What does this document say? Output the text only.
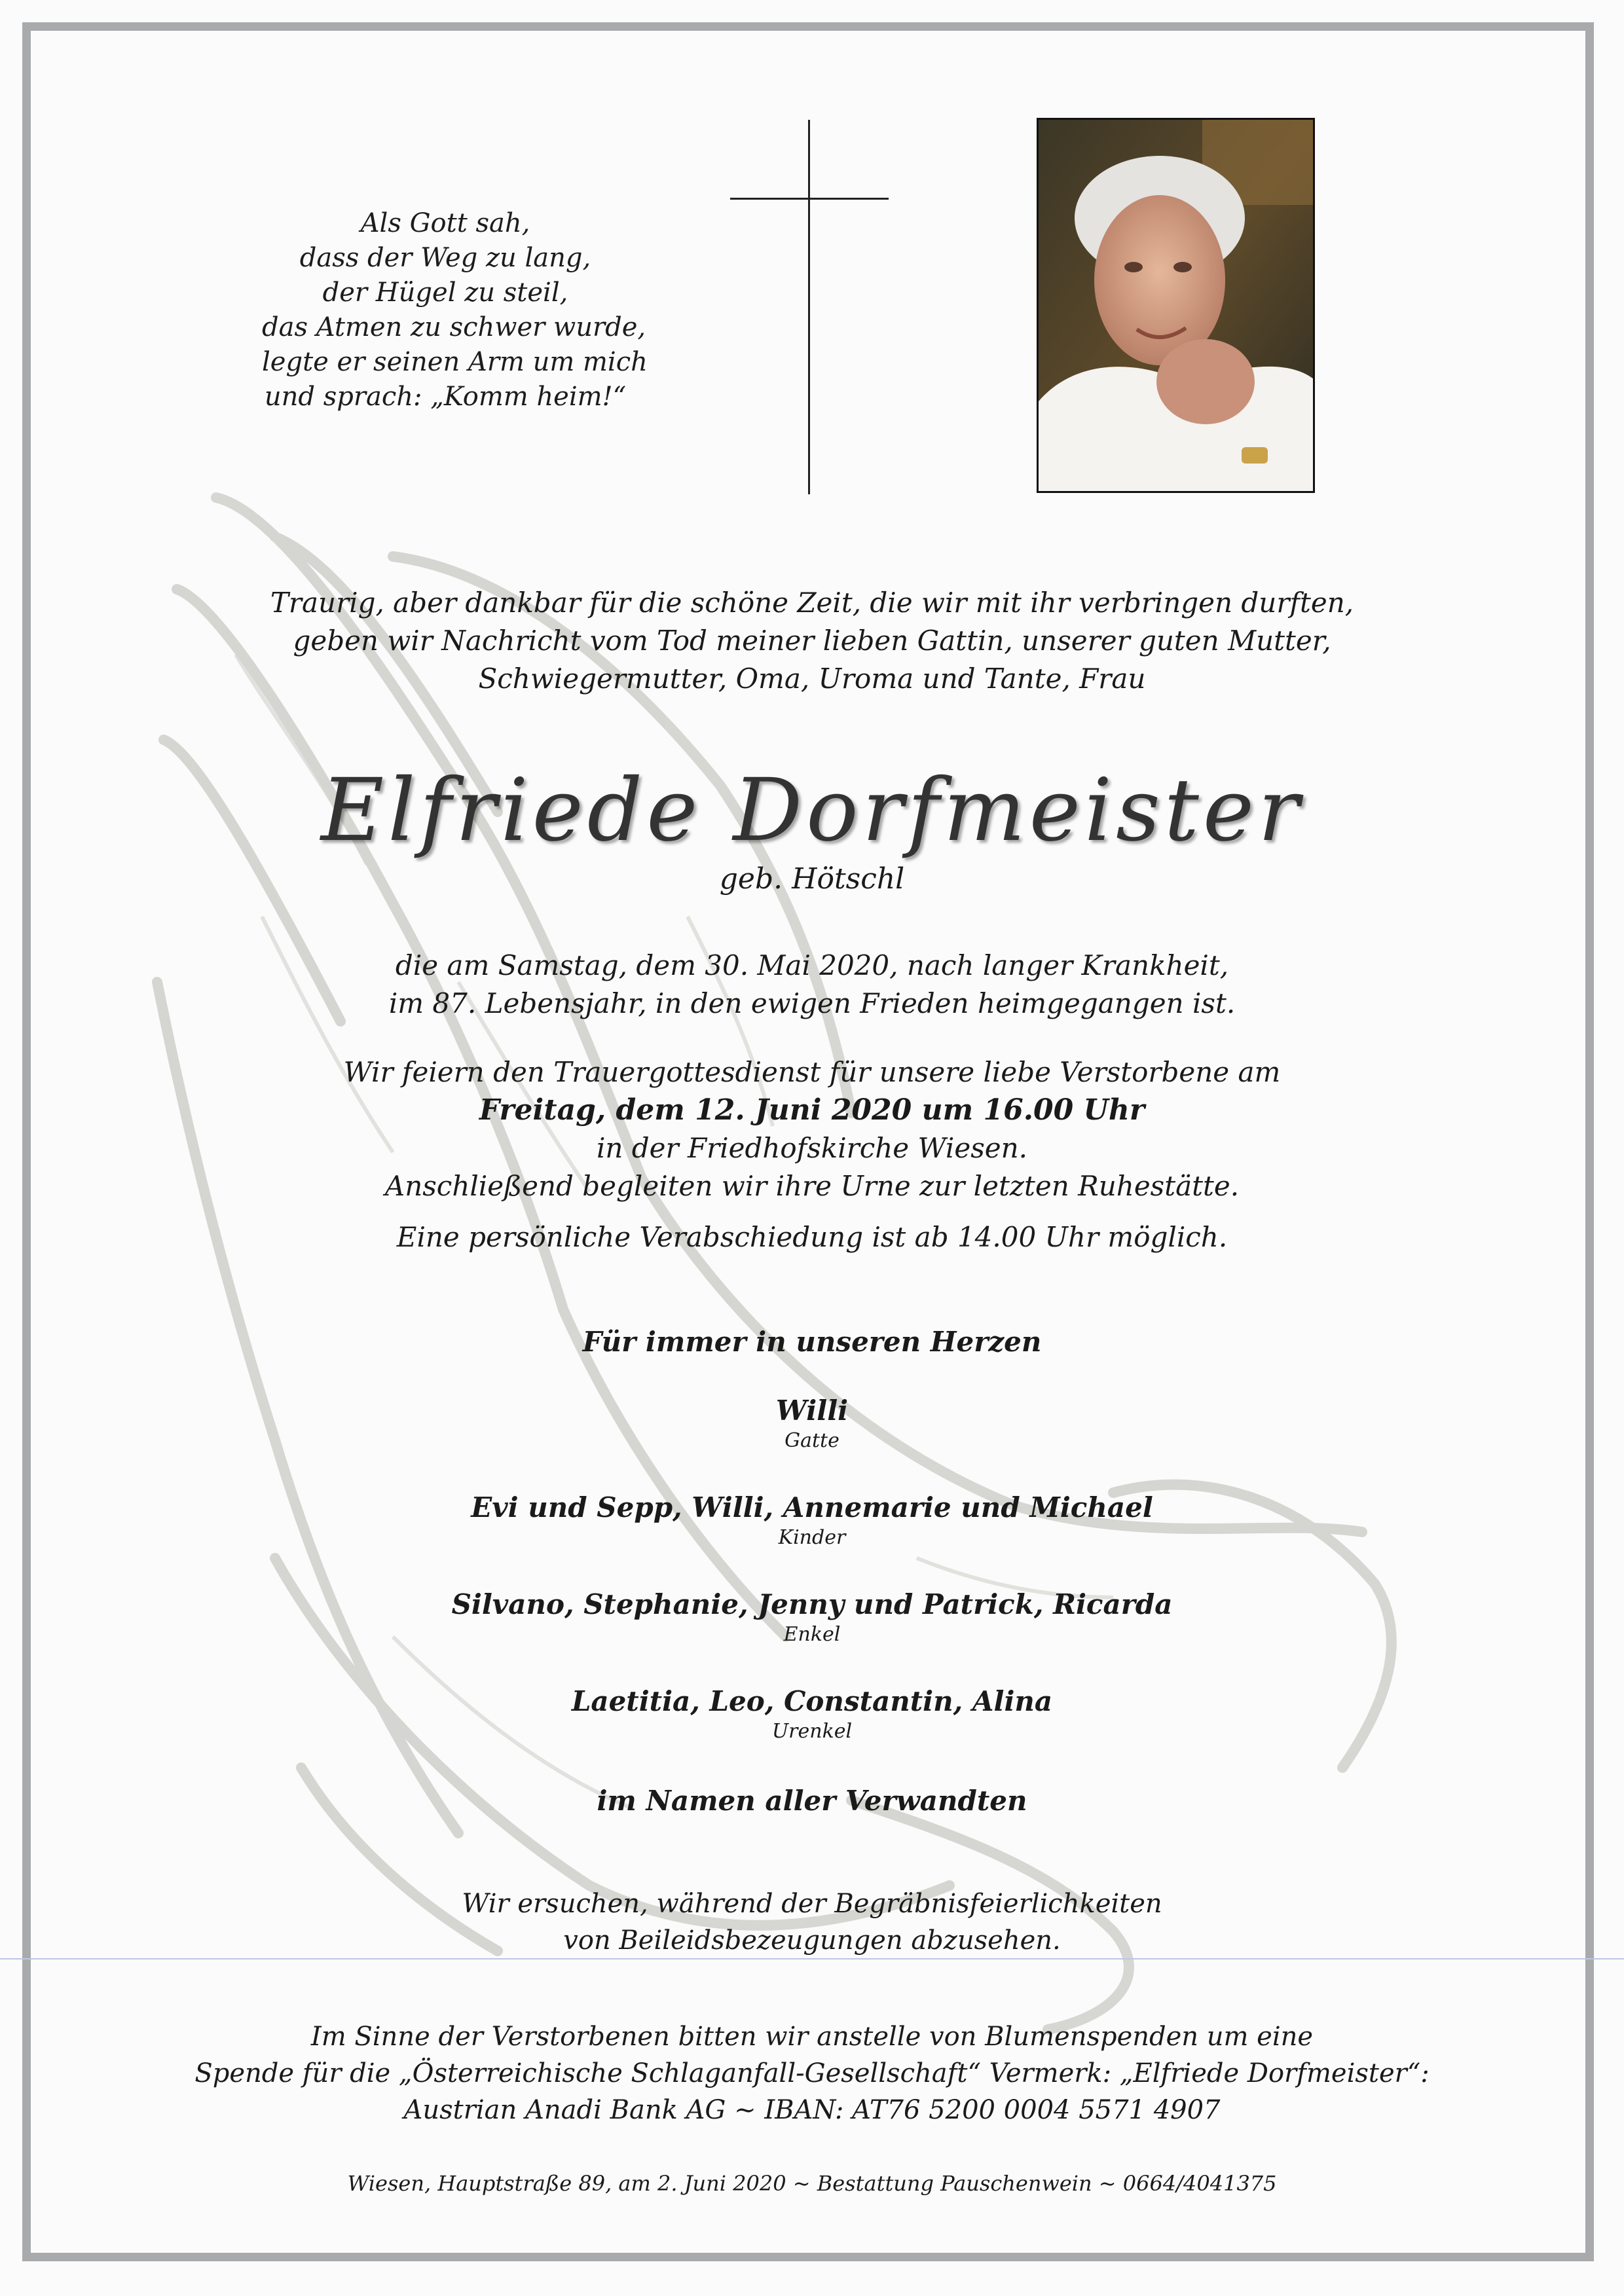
Als Gott sah,
dass der Weg zu lang,
der Hügel zu steil,
das Atmen zu schwer wurde,
legte er seinen Arm um mich
und sprach: „Komm heim!“
Traurig, aber dankbar für die schöne Zeit, die wir mit ihr verbringen durften,
geben wir Nachricht vom Tod meiner lieben Gattin, unserer guten Mutter,
Schwiegermutter, Oma, Uroma und Tante, Frau
Elfriede Dorfmeister
geb. Hötschl
die am Samstag, dem 30. Mai 2020, nach langer Krankheit,
im 87. Lebensjahr, in den ewigen Frieden heimgegangen ist.
Wir feiern den Trauergottesdienst für unsere liebe Verstorbene am
Freitag, dem 12. Juni 2020 um 16.00 Uhr
in der Friedhofskirche Wiesen.
Anschließend begleiten wir ihre Urne zur letzten Ruhestätte.
Eine persönliche Verabschiedung ist ab 14.00 Uhr möglich.
Für immer in unseren Herzen
Willi
Gatte
Evi und Sepp, Willi, Annemarie und Michael
Kinder
Silvano, Stephanie, Jenny und Patrick, Ricarda
Enkel
Laetitia, Leo, Constantin, Alina
Urenkel
im Namen aller Verwandten
Wir ersuchen, während der Begräbnisfeierlichkeiten
von Beileidsbezeugungen abzusehen.
Im Sinne der Verstorbenen bitten wir anstelle von Blumenspenden um eine
Spende für die „Österreichische Schlaganfall-Gesellschaft“ Vermerk: „Elfriede Dorfmeister“:
Austrian Anadi Bank AG ~ IBAN: AT76 5200 0004 5571 4907
Wiesen, Hauptstraße 89, am 2. Juni 2020 ~ Bestattung Pauschenwein ~ 0664/4041375
